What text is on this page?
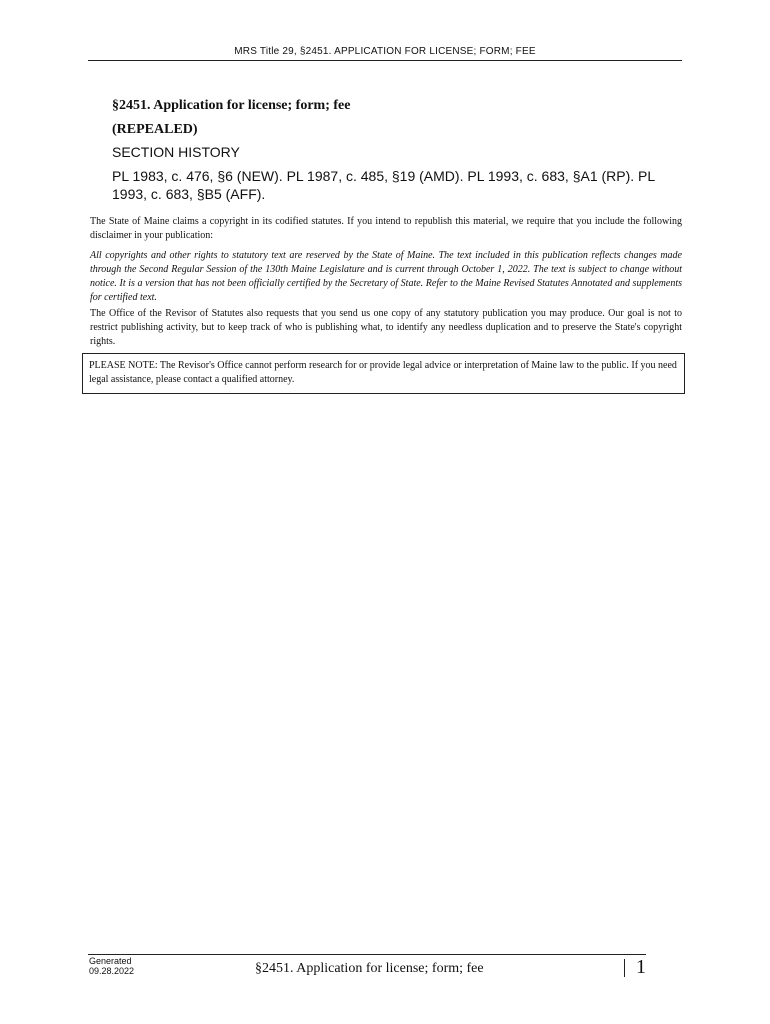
MRS Title 29, §2451. APPLICATION FOR LICENSE; FORM; FEE
§2451. Application for license; form; fee
(REPEALED)
SECTION HISTORY
PL 1983, c. 476, §6 (NEW). PL 1987, c. 485, §19 (AMD). PL 1993, c. 683, §A1 (RP). PL 1993, c. 683, §B5 (AFF).
The State of Maine claims a copyright in its codified statutes. If you intend to republish this material, we require that you include the following disclaimer in your publication:
All copyrights and other rights to statutory text are reserved by the State of Maine. The text included in this publication reflects changes made through the Second Regular Session of the 130th Maine Legislature and is current through October 1, 2022. The text is subject to change without notice. It is a version that has not been officially certified by the Secretary of State. Refer to the Maine Revised Statutes Annotated and supplements for certified text.
The Office of the Revisor of Statutes also requests that you send us one copy of any statutory publication you may produce. Our goal is not to restrict publishing activity, but to keep track of who is publishing what, to identify any needless duplication and to preserve the State's copyright rights.
PLEASE NOTE: The Revisor's Office cannot perform research for or provide legal advice or interpretation of Maine law to the public. If you need legal assistance, please contact a qualified attorney.
Generated
09.28.2022	§2451. Application for license; form; fee	1
